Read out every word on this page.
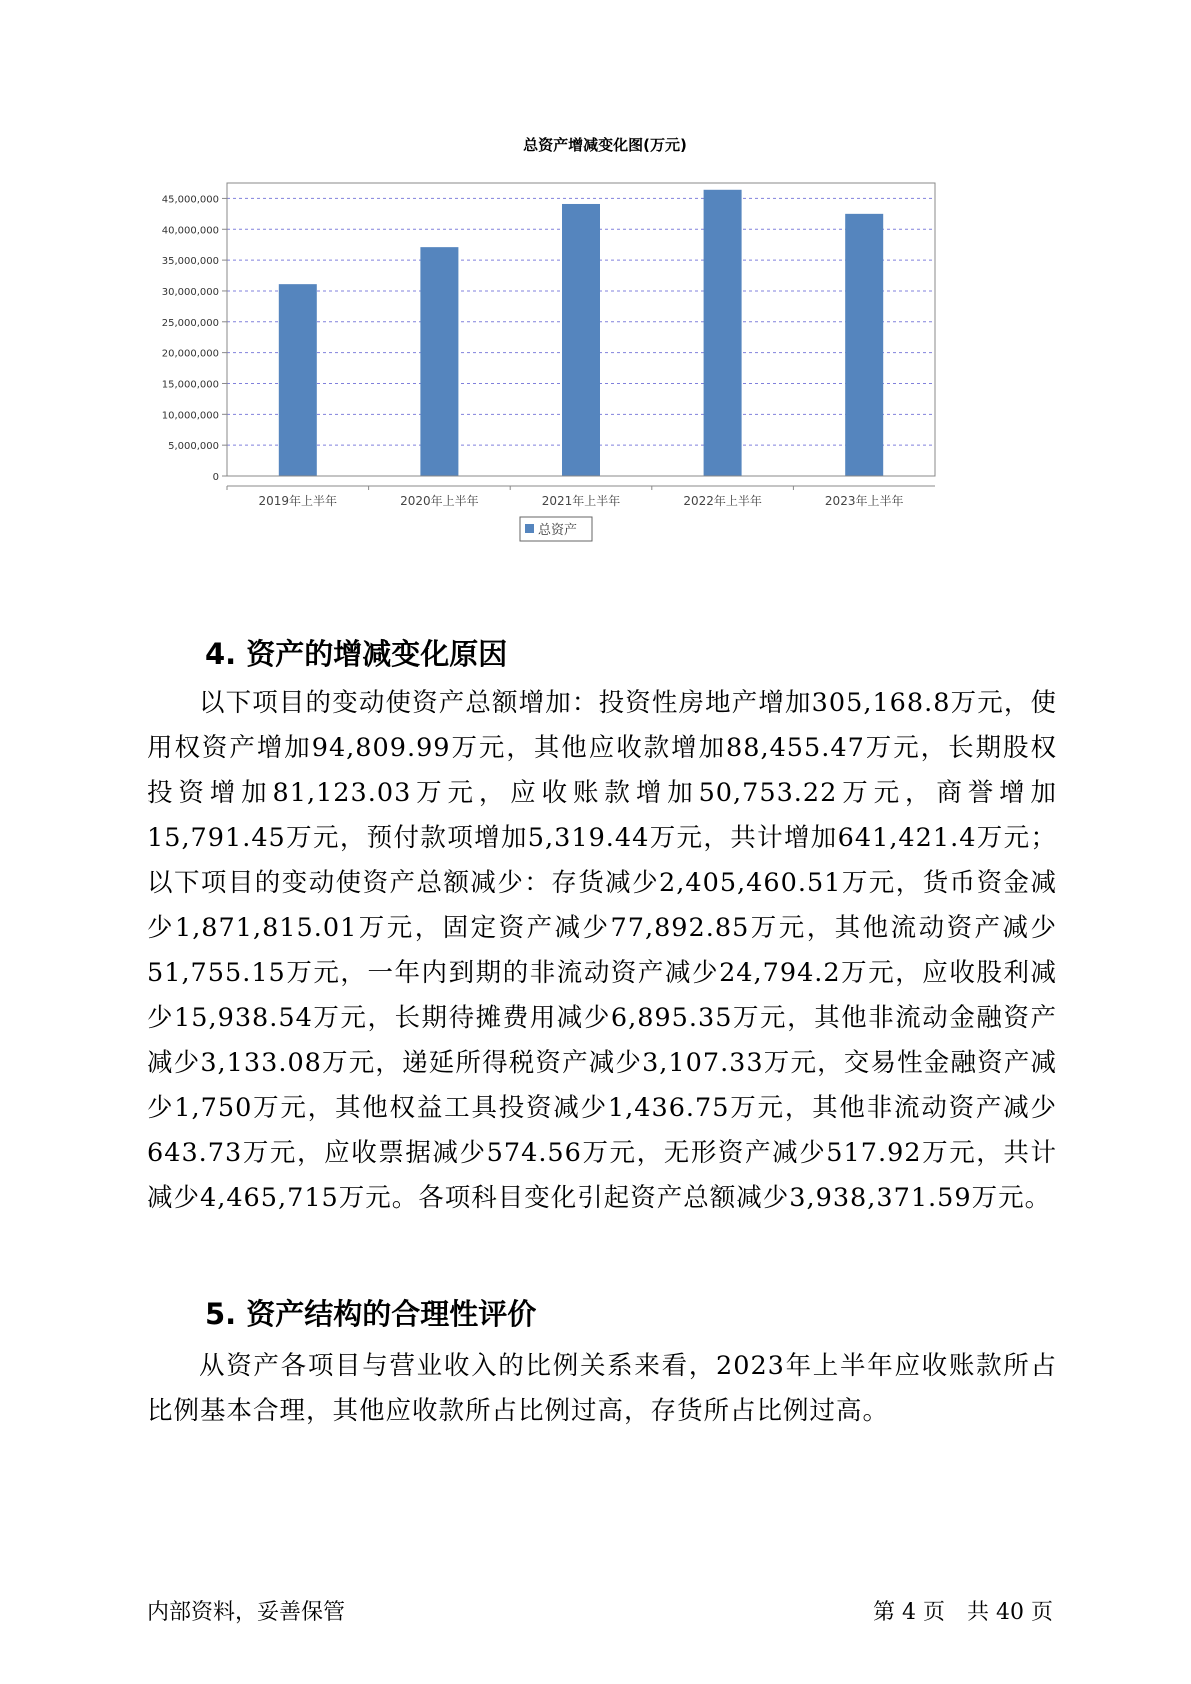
总资产增减变化图(万元)
0
5,000,000
10,000,000
15,000,000
20,000,000
25,000,000
30,000,000
35,000,000
40,000,000
45,000,000
2019年上半年	2020年上半年	2021年上半年	2022年上半年	2023年上半年
总资产
4. 资产的增减变化原因

以下项目的变动使资产总额增加：投资性房地产增加305,168.8万元，使用权资产增加94,809.99万元，其他应收款增加88,455.47万元，长期股权投资增加81,123.03万元，应收账款增加50,753.22万元，商誉增加15,791.45万元，预付款项增加5,319.44万元，共计增加641,421.4万元；以下项目的变动使资产总额减少：存货减少2,405,460.51万元，货币资金减少1,871,815.01万元，固定资产减少77,892.85万元，其他流动资产减少51,755.15万元，一年内到期的非流动资产减少24,794.2万元，应收股利减少15,938.54万元，长期待摊费用减少6,895.35万元，其他非流动金融资产减少3,133.08万元，递延所得税资产减少3,107.33万元，交易性金融资产减少1,750万元，其他权益工具投资减少1,436.75万元，其他非流动资产减少643.73万元，应收票据减少574.56万元，无形资产减少517.92万元，共计减少4,465,715万元。各项科目变化引起资产总额减少3,938,371.59万元。

5. 资产结构的合理性评价

从资产各项目与营业收入的比例关系来看，2023年上半年应收账款所占比例基本合理，其他应收款所占比例过高，存货所占比例过高。

内部资料，妥善保管	第 4 页　共 40 页
